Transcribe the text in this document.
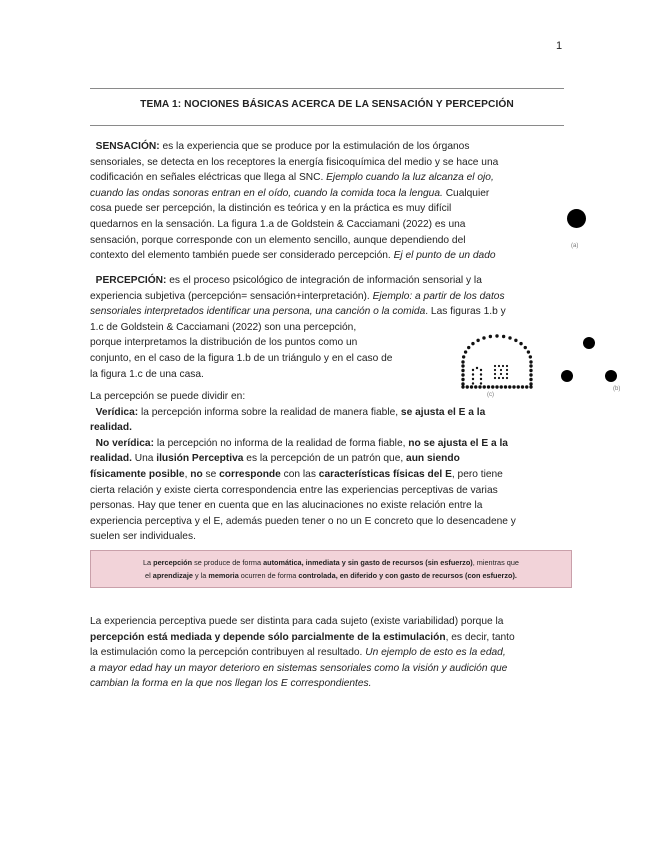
1
TEMA 1: NOCIONES BÁSICAS ACERCA DE LA SENSACIÓN Y PERCEPCIÓN
SENSACIÓN: es la experiencia que se produce por la estimulación de los órganos
sensoriales, se detecta en los receptores la energía fisicoquímica del medio y se hace una
codificación en señales eléctricas que llega al SNC. Ejemplo cuando la luz alcanza el ojo,
cuando las ondas sonoras entran en el oído, cuando la comida toca la lengua. Cualquier
cosa puede ser percepción, la distinción es teórica y en la práctica es muy difícil
quedarnos en la sensación. La figura 1.a de Goldstein & Cacciamani (2022) es una
sensación, porque corresponde con un elemento sencillo, aunque dependiendo del
contexto del elemento también puede ser considerado percepción. Ej el punto de un dado
(a)
PERCEPCIÓN: es el proceso psicológico de integración de información sensorial y la
experiencia subjetiva (percepción= sensación+interpretación). Ejemplo: a partir de los datos
sensoriales interpretados identificar una persona, una canción o la comida. Las figuras 1.b y
1.c de Goldstein & Cacciamani (2022) son una percepción,
porque interpretamos la distribución de los puntos como un
conjunto, en el caso de la figura 1.b de un triángulo y en el caso de
la figura 1.c de una casa.
(c)
(b)
La percepción se puede dividir en:
Verídica: la percepción informa sobre la realidad de manera fiable, se ajusta el E a la
realidad.
No verídica: la percepción no informa de la realidad de forma fiable, no se ajusta el E a la
realidad. Una ilusión Perceptiva es la percepción de un patrón que, aun siendo
físicamente posible, no se corresponde con las características físicas del E, pero tiene
cierta relación y existe cierta correspondencia entre las experiencias perceptivas de varias
personas. Hay que tener en cuenta que en las alucinaciones no existe relación entre la
experiencia perceptiva y el E, además pueden tener o no un E concreto que lo desencadene y
suelen ser individuales.
La percepción se produce de forma automática, inmediata y sin gasto de recursos (sin esfuerzo), mientras que
el aprendizaje y la memoria ocurren de forma controlada, en diferido y con gasto de recursos (con esfuerzo).
La experiencia perceptiva puede ser distinta para cada sujeto (existe variabilidad) porque la
percepción está mediada y depende sólo parcialmente de la estimulación, es decir, tanto
la estimulación como la percepción contribuyen al resultado. Un ejemplo de esto es la edad,
a mayor edad hay un mayor deterioro en sistemas sensoriales como la visión y audición que
cambian la forma en la que nos llegan los E correspondientes.
